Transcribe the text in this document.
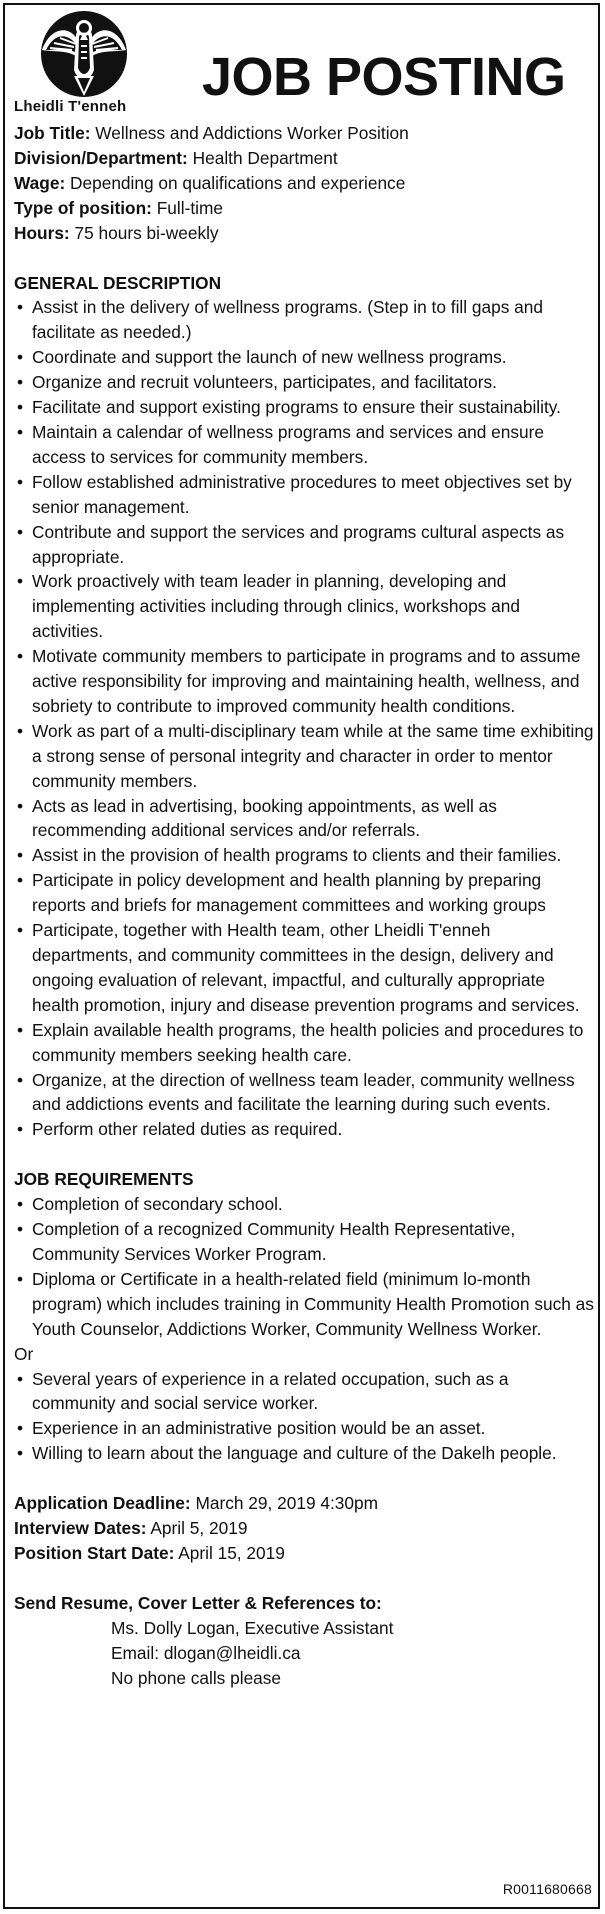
Lheidli T'enneh JOB POSTING
Job Title: Wellness and Addictions Worker Position
Division/Department: Health Department
Wage: Depending on qualifications and experience
Type of position: Full-time
Hours: 75 hours bi-weekly
GENERAL DESCRIPTION
• Assist in the delivery of wellness programs. (Step in to fill gaps and facilitate as needed.)
• Coordinate and support the launch of new wellness programs.
• Organize and recruit volunteers, participates, and facilitators.
• Facilitate and support existing programs to ensure their sustainability.
• Maintain a calendar of wellness programs and services and ensure access to services for community members.
• Follow established administrative procedures to meet objectives set by senior management.
• Contribute and support the services and programs cultural aspects as appropriate.
• Work proactively with team leader in planning, developing and implementing activities including through clinics, workshops and activities.
• Motivate community members to participate in programs and to assume active responsibility for improving and maintaining health, wellness, and sobriety to contribute to improved community health conditions.
• Work as part of a multi-disciplinary team while at the same time exhibiting a strong sense of personal integrity and character in order to mentor community members.
• Acts as lead in advertising, booking appointments, as well as recommending additional services and/or referrals.
• Assist in the provision of health programs to clients and their families.
• Participate in policy development and health planning by preparing reports and briefs for management committees and working groups
• Participate, together with Health team, other Lheidli T'enneh departments, and community committees in the design, delivery and ongoing evaluation of relevant, impactful, and culturally appropriate health promotion, injury and disease prevention programs and services.
• Explain available health programs, the health policies and procedures to community members seeking health care.
• Organize, at the direction of wellness team leader, community wellness and addictions events and facilitate the learning during such events.
• Perform other related duties as required.
JOB REQUIREMENTS
• Completion of secondary school.
• Completion of a recognized Community Health Representative, Community Services Worker Program.
• Diploma or Certificate in a health-related field (minimum lo-month program) which includes training in Community Health Promotion such as Youth Counselor, Addictions Worker, Community Wellness Worker.
Or
• Several years of experience in a related occupation, such as a community and social service worker.
• Experience in an administrative position would be an asset.
• Willing to learn about the language and culture of the Dakelh people.
Application Deadline: March 29, 2019 4:30pm
Interview Dates: April 5, 2019
Position Start Date: April 15, 2019
Send Resume, Cover Letter & References to:
Ms. Dolly Logan, Executive Assistant
Email: dlogan@lheidli.ca
No phone calls please
R0011680668
